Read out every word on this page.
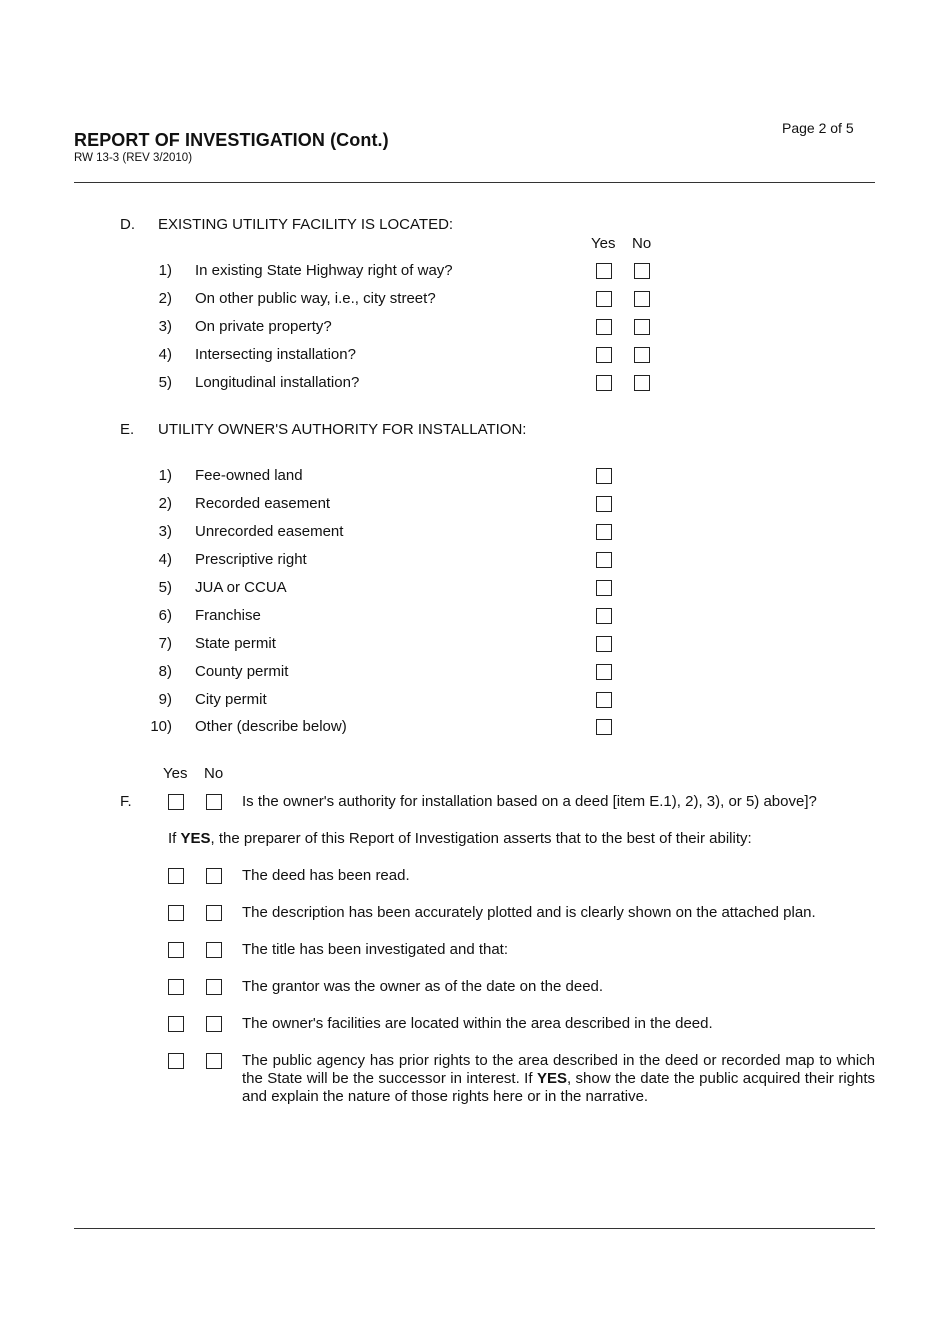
REPORT OF INVESTIGATION (Cont.)
RW 13-3 (REV 3/2010)
Page 2 of 5
D. EXISTING UTILITY FACILITY IS LOCATED:
Yes No
1) In existing State Highway right of way?
2) On other public way, i.e., city street?
3) On private property?
4) Intersecting installation?
5) Longitudinal installation?
E. UTILITY OWNER'S AUTHORITY FOR INSTALLATION:
1) Fee-owned land
2) Recorded easement
3) Unrecorded easement
4) Prescriptive right
5) JUA or CCUA
6) Franchise
7) State permit
8) County permit
9) City permit
10) Other (describe below)
Yes No
F.	Is the owner's authority for installation based on a deed [item E.1), 2), 3), or 5) above]?
If YES, the preparer of this Report of Investigation asserts that to the best of their ability:
The deed has been read.
The description has been accurately plotted and is clearly shown on the attached plan.
The title has been investigated and that:
The grantor was the owner as of the date on the deed.
The owner's facilities are located within the area described in the deed.
The public agency has prior rights to the area described in the deed or recorded map to which the State will be the successor in interest. If YES, show the date the public acquired their rights and explain the nature of those rights here or in the narrative.
